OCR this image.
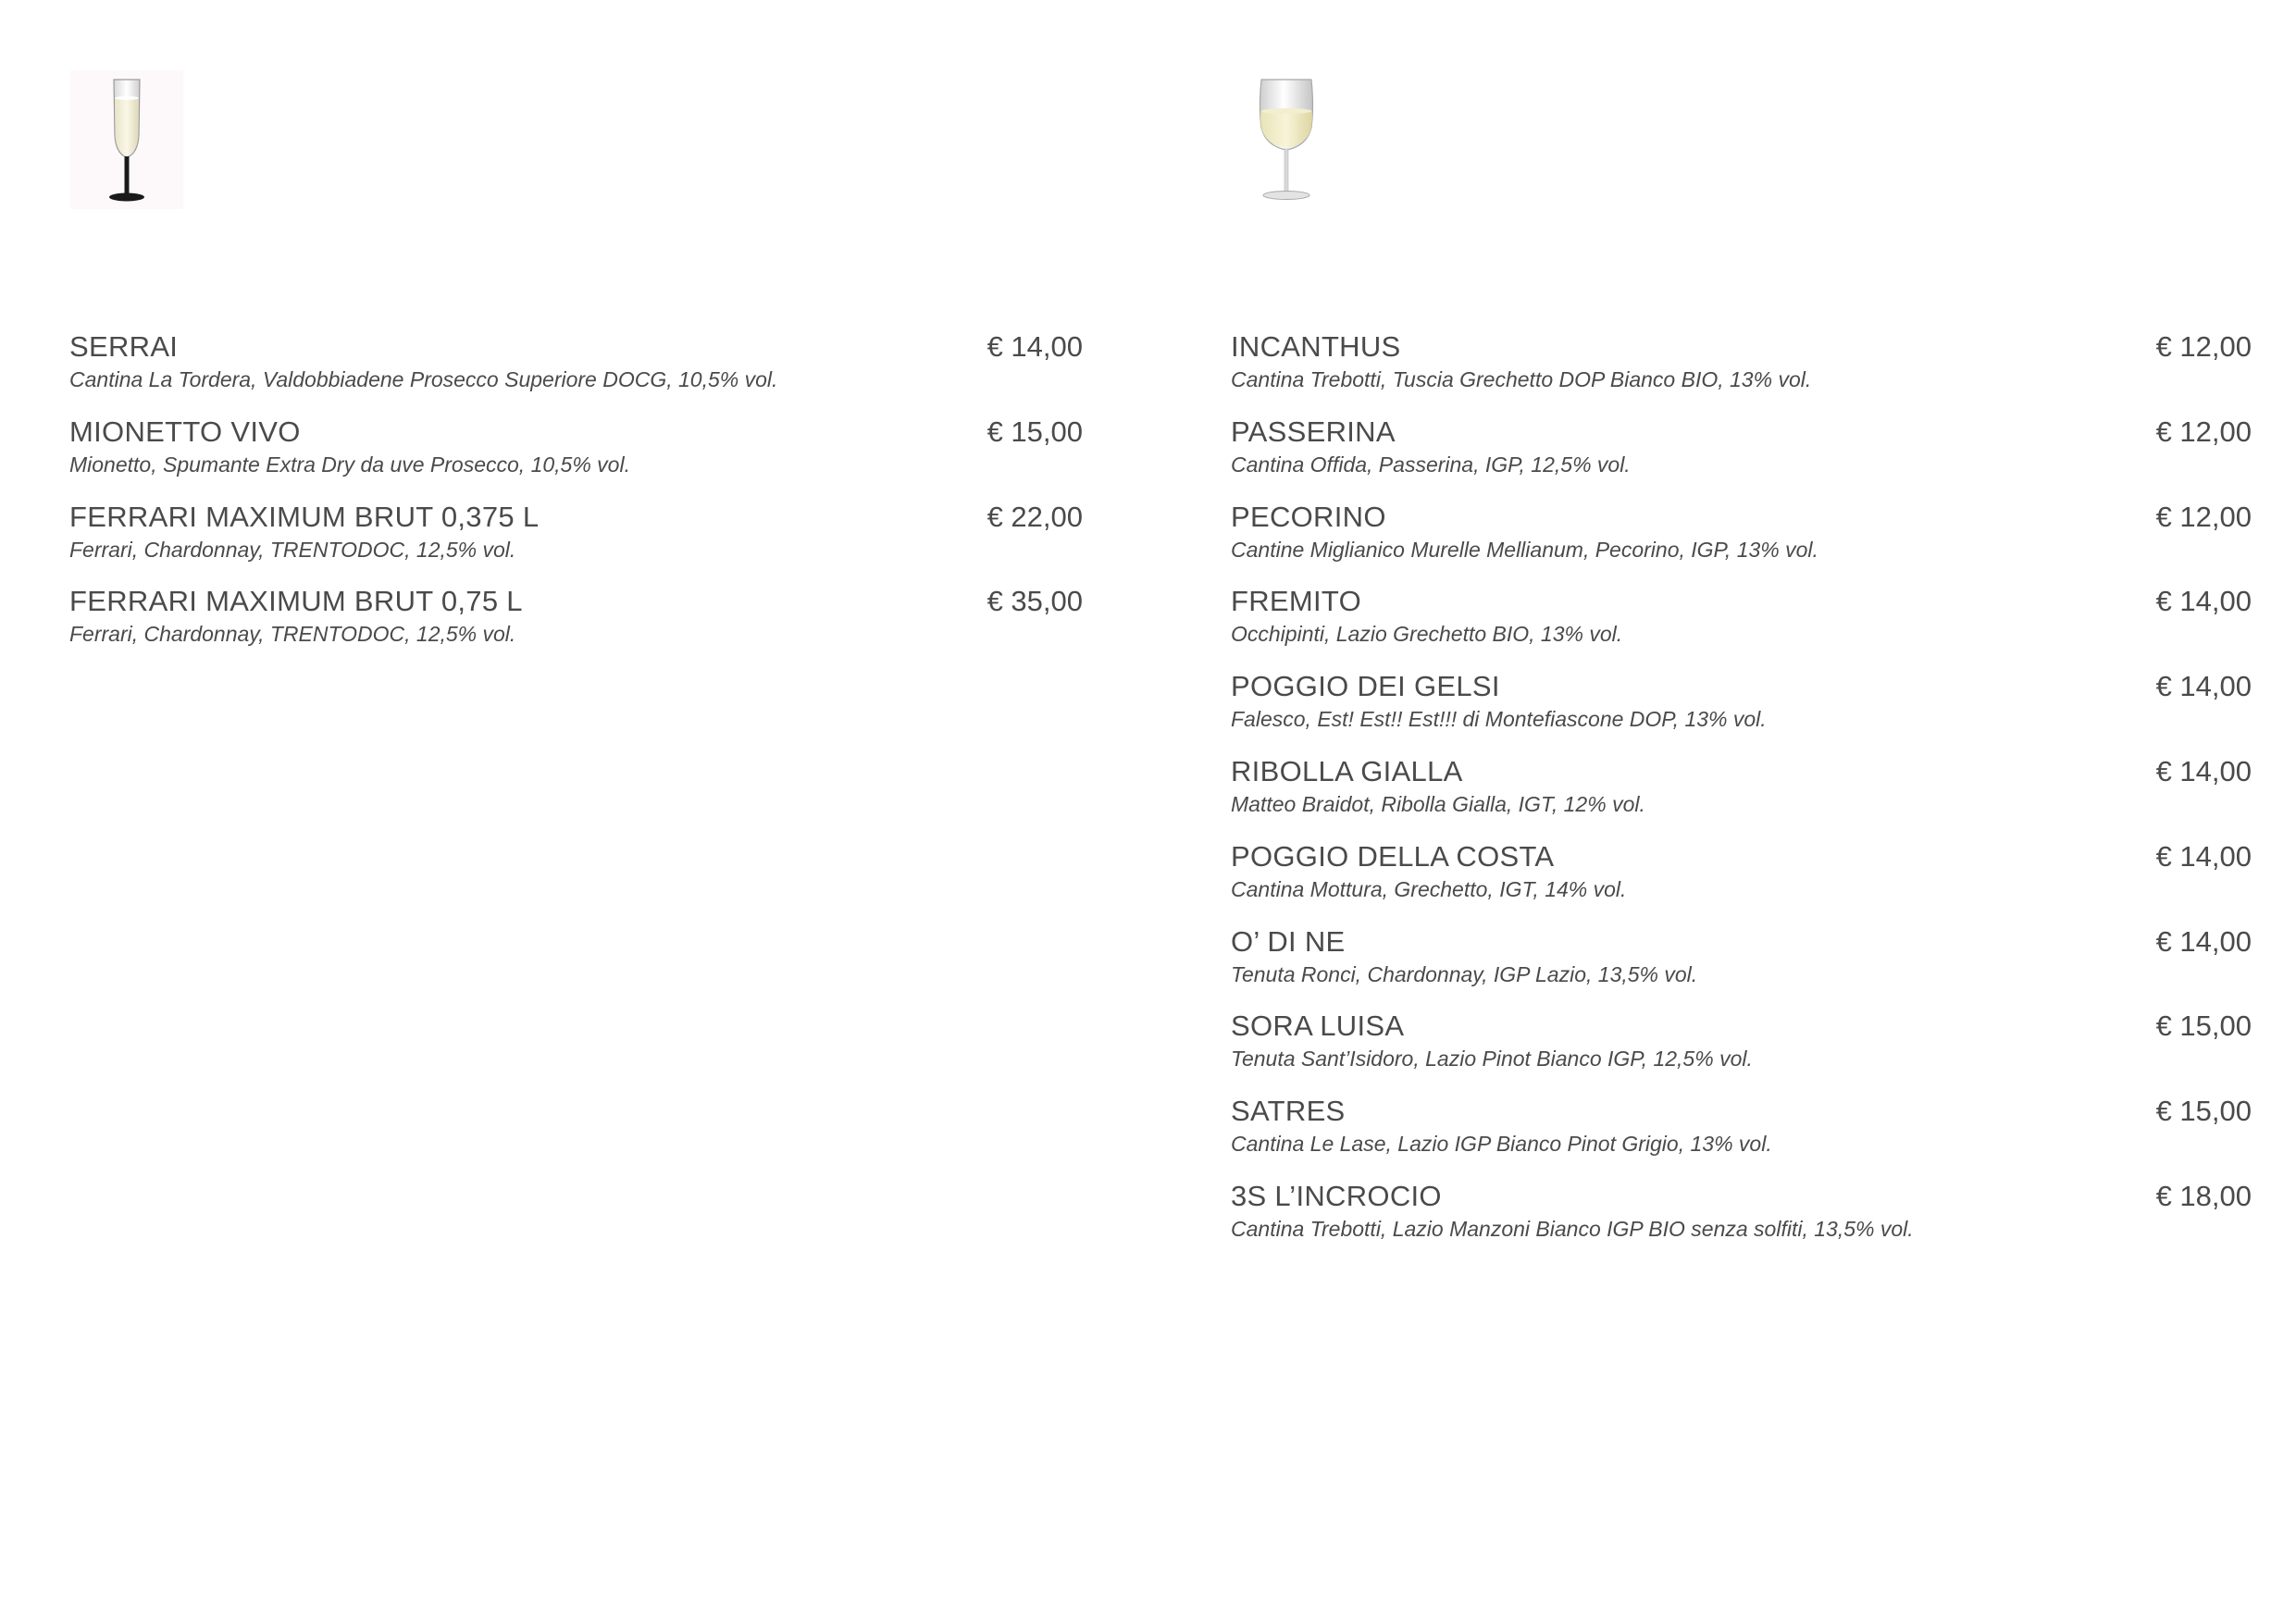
SERRAI	€ 14,00
Cantina La Tordera, Valdobbiadene Prosecco Superiore DOCG, 10,5% vol.
MIONETTO VIVO	€ 15,00
Mionetto, Spumante Extra Dry da uve Prosecco, 10,5% vol.
FERRARI MAXIMUM BRUT 0,375 L	€ 22,00
Ferrari, Chardonnay, TRENTODOC, 12,5% vol.
FERRARI MAXIMUM BRUT 0,75 L	€ 35,00
Ferrari, Chardonnay, TRENTODOC, 12,5% vol.
INCANTHUS	€ 12,00
Cantina Trebotti, Tuscia Grechetto DOP Bianco BIO, 13% vol.
PASSERINA	€ 12,00
Cantina Offida, Passerina, IGP, 12,5% vol.
PECORINO	€ 12,00
Cantine Miglianico Murelle Mellianum, Pecorino, IGP, 13% vol.
FREMITO	€ 14,00
Occhipinti, Lazio Grechetto BIO, 13% vol.
POGGIO DEI GELSI	€ 14,00
Falesco, Est! Est!! Est!!! di Montefiascone DOP, 13% vol.
RIBOLLA GIALLA	€ 14,00
Matteo Braidot, Ribolla Gialla, IGT, 12% vol.
POGGIO DELLA COSTA	€ 14,00
Cantina Mottura, Grechetto, IGT, 14% vol.
O’ DI NE	€ 14,00
Tenuta Ronci, Chardonnay, IGP Lazio, 13,5% vol.
SORA LUISA	€ 15,00
Tenuta Sant’Isidoro, Lazio Pinot Bianco IGP, 12,5% vol.
SATRES	€ 15,00
Cantina Le Lase, Lazio IGP Bianco Pinot Grigio, 13% vol.
3S L’INCROCIO	€ 18,00
Cantina Trebotti, Lazio Manzoni Bianco IGP BIO senza solfiti, 13,5% vol.
